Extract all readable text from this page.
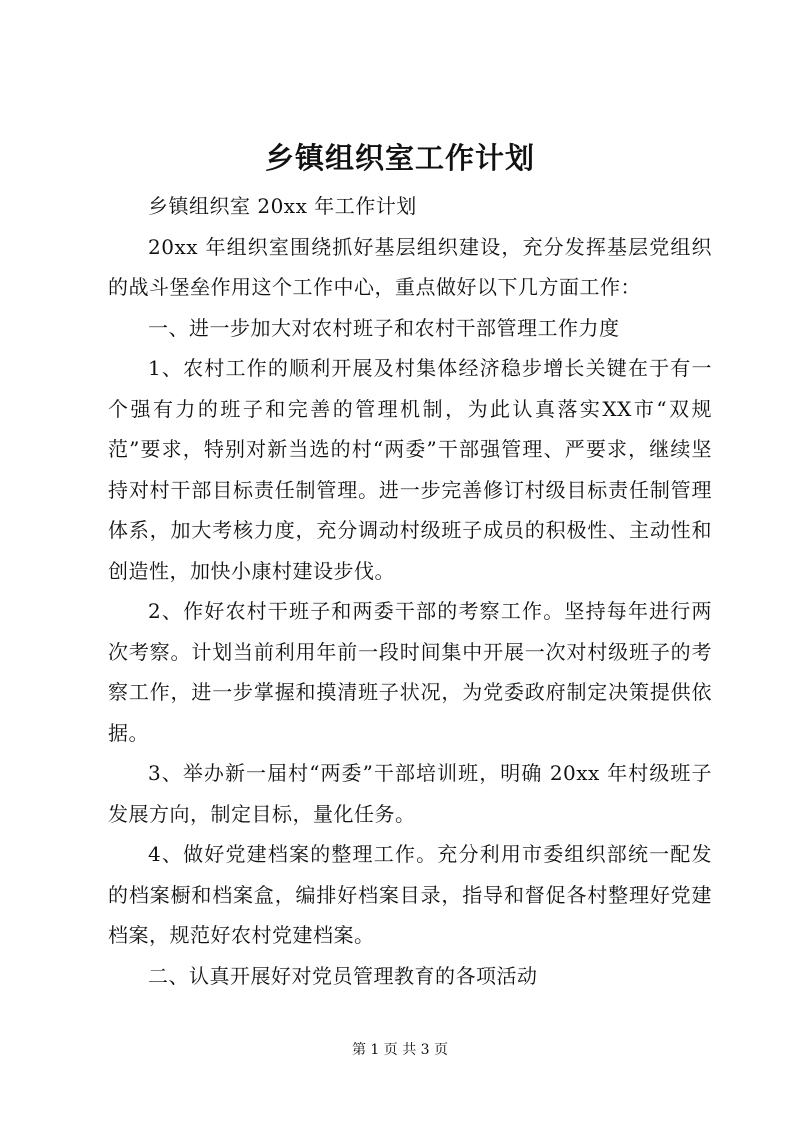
乡镇组织室工作计划

乡镇组织室 20xx 年工作计划

20xx 年组织室围绕抓好基层组织建设，充分发挥基层党组织的战斗堡垒作用这个工作中心，重点做好以下几方面工作：

一、进一步加大对农村班子和农村干部管理工作力度

1、农村工作的顺利开展及村集体经济稳步增长关键在于有一个强有力的班子和完善的管理机制，为此认真落实XX市“双规范”要求，特别对新当选的村“两委”干部强管理、严要求，继续坚持对村干部目标责任制管理。进一步完善修订村级目标责任制管理体系，加大考核力度，充分调动村级班子成员的积极性、主动性和创造性，加快小康村建设步伐。

2、作好农村干班子和两委干部的考察工作。坚持每年进行两次考察。计划当前利用年前一段时间集中开展一次对村级班子的考察工作，进一步掌握和摸清班子状况，为党委政府制定决策提供依据。

3、举办新一届村“两委”干部培训班，明确 20xx 年村级班子发展方向，制定目标，量化任务。

4、做好党建档案的整理工作。充分利用市委组织部统一配发的档案橱和档案盒，编排好档案目录，指导和督促各村整理好党建档案，规范好农村党建档案。

二、认真开展好对党员管理教育的各项活动

第 1 页 共 3 页
